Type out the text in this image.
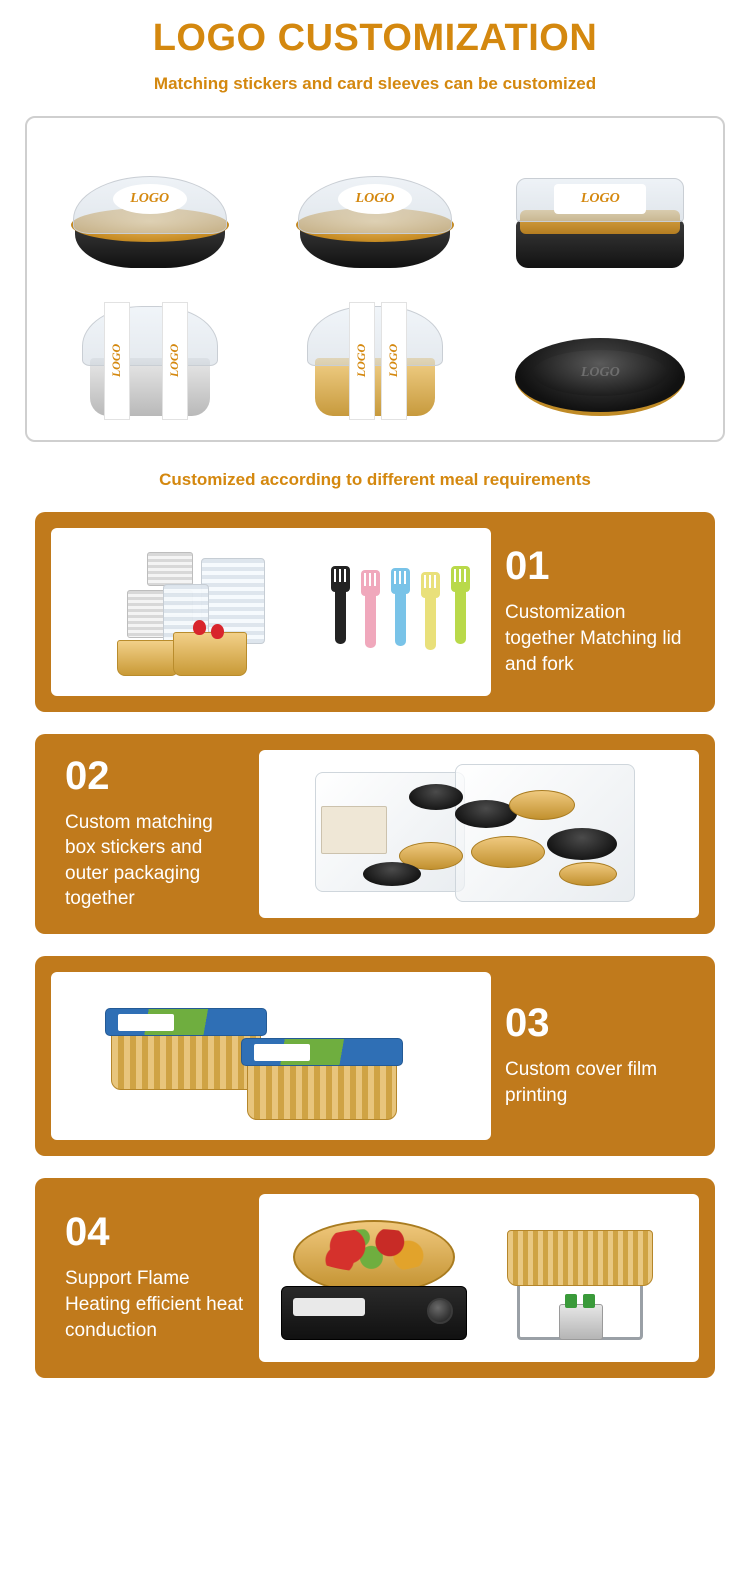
LOGO CUSTOMIZATION
Matching stickers and card sleeves can be customized
LOGO	LOGO	LOGO
LOGO	LOGO	LOGO LOGO	LOGO
Customized according to different meal requirements
01
Customization together Matching lid and fork
02
Custom matching box stickers and outer packaging together
03
Custom cover film printing
04
Support Flame Heating efficient heat conduction
